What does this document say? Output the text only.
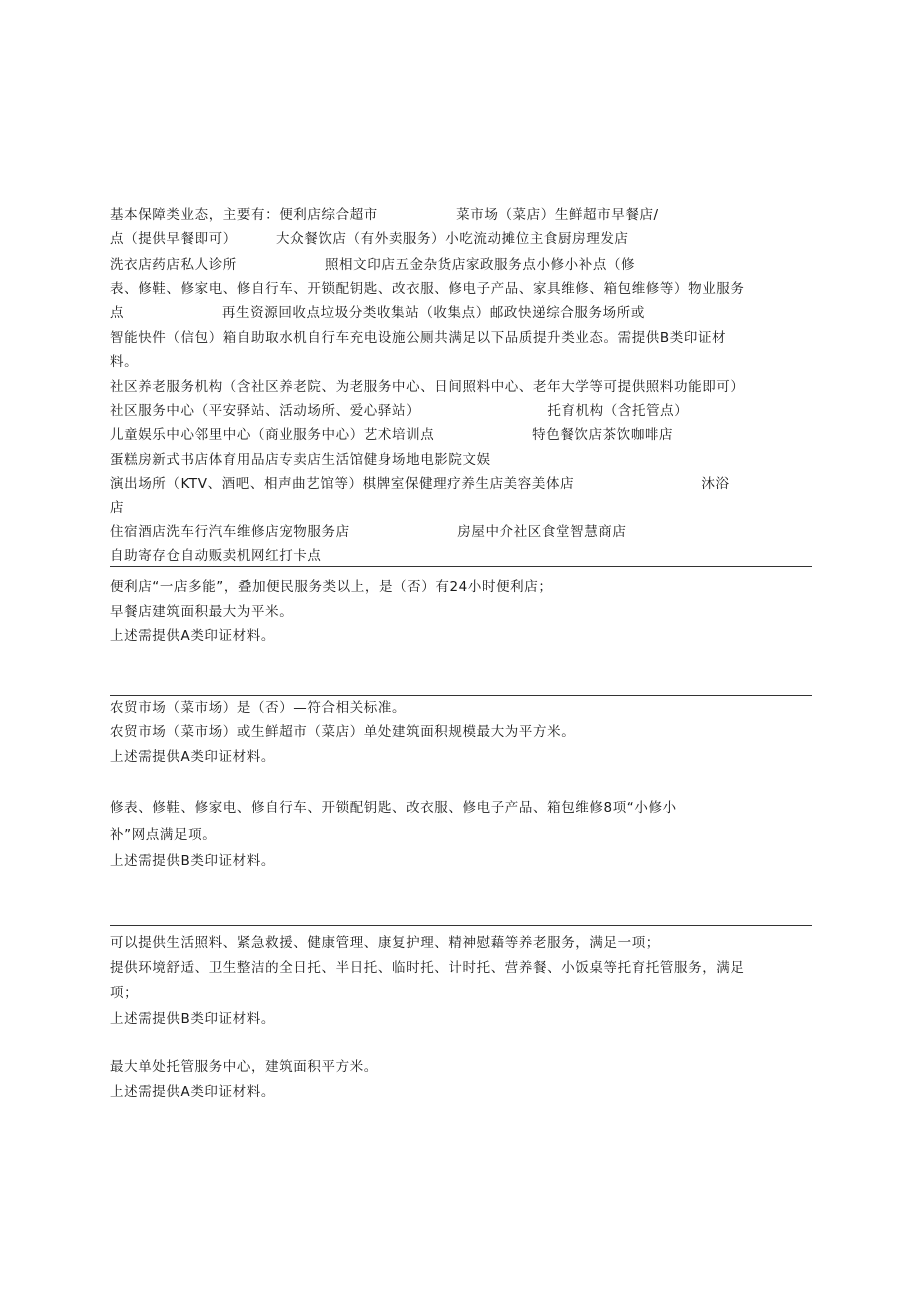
基本保障类业态，主要有：便利店综合超市                菜市场（菜店）生鲜超市早餐店/
点（提供早餐即可）        大众餐饮店（有外卖服务）小吃流动摊位主食厨房理发店
洗衣店药店私人诊所                  照相文印店五金杂货店家政服务点小修小补点（修
表、修鞋、修家电、修自行车、开锁配钥匙、改衣服、修电子产品、家具维修、箱包维修等）物业服务
点                    再生资源回收点垃圾分类收集站（收集点）邮政快递综合服务场所或
智能快件（信包）箱自助取水机自行车充电设施公厕共满足以下品质提升类业态。需提供B类印证材
料。
社区养老服务机构（含社区养老院、为老服务中心、日间照料中心、老年大学等可提供照料功能即可）
社区服务中心（平安驿站、活动场所、爱心驿站）                          托育机构（含托管点）
儿童娱乐中心邻里中心（商业服务中心）艺术培训点                    特色餐饮店茶饮咖啡店
蛋糕房新式书店体育用品店专卖店生活馆健身场地电影院文娱
演出场所（KTV、酒吧、相声曲艺馆等）棋牌室保健理疗养生店美容美体店                          沐浴
店
住宿酒店洗车行汽车维修店宠物服务店                      房屋中介社区食堂智慧商店
自助寄存仓自动贩卖机网红打卡点
便利店“一店多能”，叠加便民服务类以上，是（否）有24小时便利店；
早餐店建筑面积最大为平米。
上述需提供A类印证材料。
农贸市场（菜市场）是（否）—符合相关标准。
农贸市场（菜市场）或生鲜超市（菜店）单处建筑面积规模最大为平方米。
上述需提供A类印证材料。
修表、修鞋、修家电、修自行车、开锁配钥匙、改衣服、修电子产品、箱包维修8项“小修小
补”网点满足项。
上述需提供B类印证材料。
可以提供生活照料、紧急救援、健康管理、康复护理、精神慰藉等养老服务，满足一项；
提供环境舒适、卫生整洁的全日托、半日托、临时托、计时托、营养餐、小饭桌等托育托管服务，满足
项；
上述需提供B类印证材料。
最大单处托管服务中心，建筑面积平方米。
上述需提供A类印证材料。
